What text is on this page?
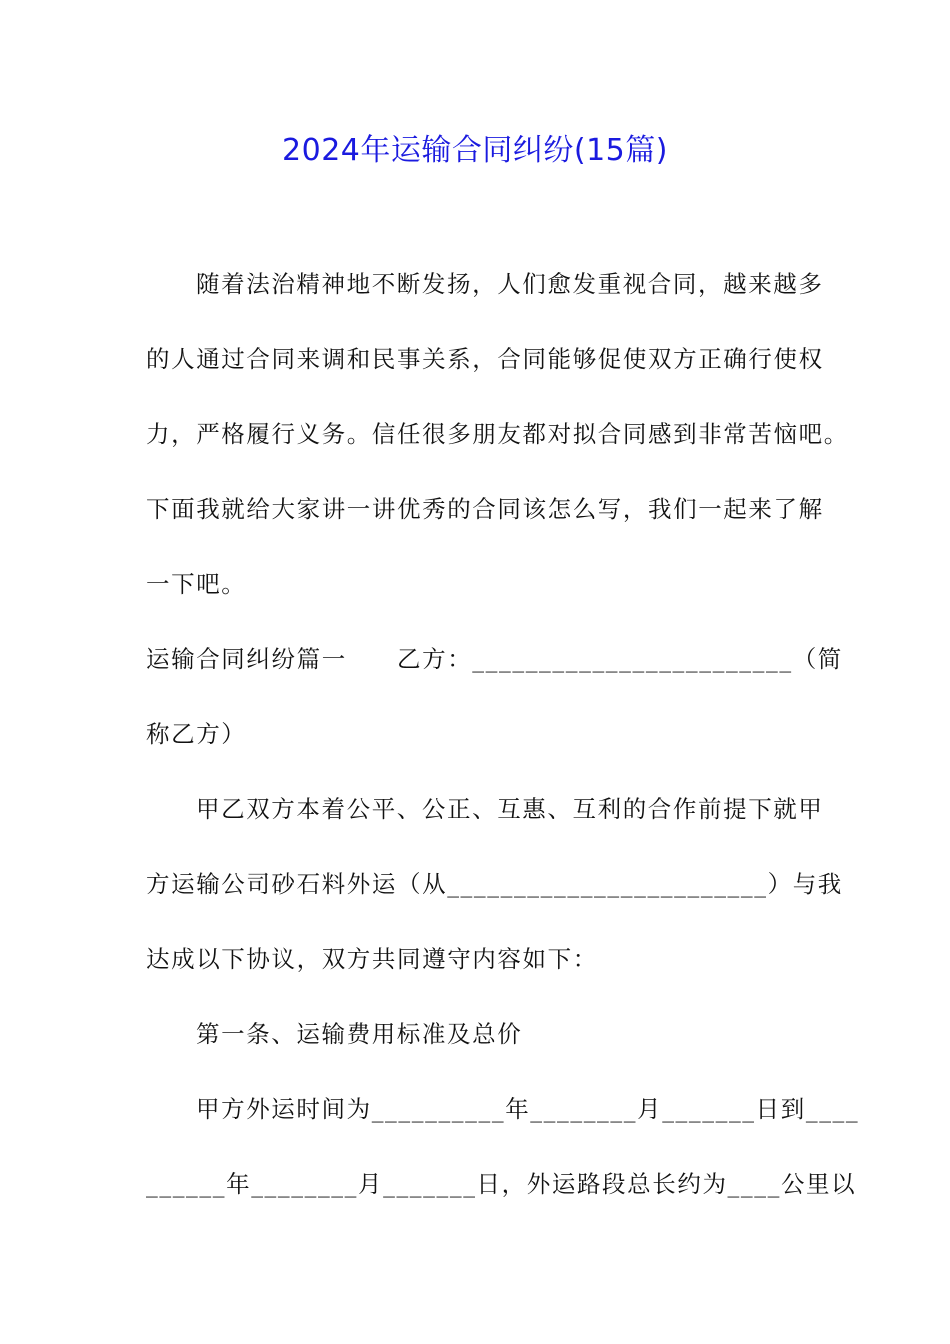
2024年运输合同纠纷(15篇)
随着法治精神地不断发扬，人们愈发重视合同，越来越多
的人通过合同来调和民事关系，合同能够促使双方正确行使权
力，严格履行义务。信任很多朋友都对拟合同感到非常苦恼吧。
下面我就给大家讲一讲优秀的合同该怎么写，我们一起来了解
一下吧。
运输合同纠纷篇一　　乙方：________________________（简
称乙方）
甲乙双方本着公平、公正、互惠、互利的合作前提下就甲
方运输公司砂石料外运（从________________________）与我
达成以下协议，双方共同遵守内容如下：
第一条、运输费用标准及总价
甲方外运时间为__________年________月_______日到____
______年________月_______日，外运路段总长约为____公里以
